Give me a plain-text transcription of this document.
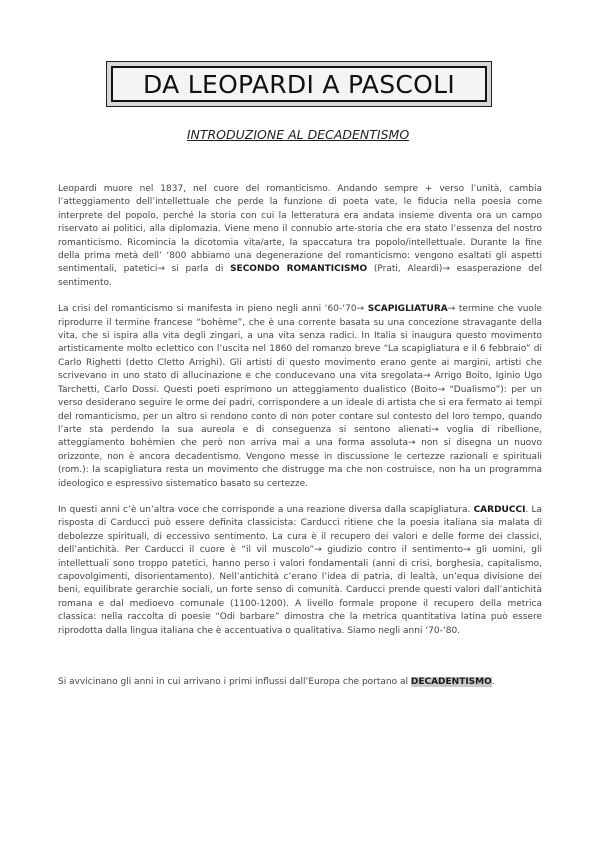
DA LEOPARDI A PASCOLI
INTRODUZIONE AL DECADENTISMO

Leopardi muore nel 1837, nel cuore del romanticismo. Andando sempre + verso l’unità, cambia l’atteggiamento dell’intellettuale che perde la funzione di poeta vate, le fiducia nella poesia come interprete del popolo, perché la storia con cui la letteratura era andata insieme diventa ora un campo riservato ai politici, alla diplomazia. Viene meno il connubio arte-storia che era stato l’essenza del nostro romanticismo. Ricomincia la dicotomia vita/arte, la spaccatura tra popolo/intellettuale. Durante la fine della prima metà dell’ ‘800 abbiamo una degenerazione del romanticismo: vengono esaltati gli aspetti sentimentali, patetici→ si parla di SECONDO ROMANTICISMO (Prati, Aleardi)→ esasperazione del sentimento.

La crisi del romanticismo si manifesta in pieno negli anni ‘60-‘70→ SCAPIGLIATURA→ termine che vuole riprodurre il termine francese “bohème”, che è una corrente basata su una concezione stravagante della vita, che si ispira alla vita degli zingari, a una vita senza radici. In Italia si inaugura questo movimento artisticamente molto eclettico con l’uscita nel 1860 del romanzo breve “La scapigliatura e il 6 febbraio” di Carlo Righetti (detto Cletto Arrighi). Gli artisti di questo movimento erano gente ai margini, artisti che scrivevano in uno stato di allucinazione e che conducevano una vita sregolata→ Arrigo Boito, Iginio Ugo Tarchetti, Carlo Dossi. Questi poeti esprimono un atteggiamento dualistico (Boito→ “Dualismo”): per un verso desiderano seguire le orme dei padri, corrispondere a un ideale di artista che si era fermato ai tempi del romanticismo, per un altro si rendono conto di non poter contare sul contesto del loro tempo, quando l’arte sta perdendo la sua aureola e di conseguenza si sentono alienati→ voglia di ribellione, atteggiamento bohèmien che però non arriva mai a una forma assoluta→ non si disegna un nuovo orizzonte, non è ancora decadentismo. Vengono messe in discussione le certezze razionali e spirituali (rom.): la scapigliatura resta un movimento che distrugge ma che non costruisce, non ha un programma ideologico e espressivo sistematico basato su certezze.

In questi anni c’è un’altra voce che corrisponde a una reazione diversa dalla scapigliatura. CARDUCCI. La risposta di Carducci può essere definita classicista: Carducci ritiene che la poesia italiana sia malata di debolezze spirituali, di eccessivo sentimento. La cura è il recupero dei valori e delle forme dei classici, dell’antichità. Per Carducci il cuore è “il vil muscolo”→ giudizio contro il sentimento→ gli uomini, gli intellettuali sono troppo patetici, hanno perso i valori fondamentali (anni di crisi, borghesia, capitalismo, capovolgimenti, disorientamento). Nell’antichità c’erano l’idea di patria, di lealtà, un’equa divisione dei beni, equilibrate gerarchie sociali, un forte senso di comunità. Carducci prende questi valori dall’antichità romana e dal medioevo comunale (1100-1200). A livello formale propone il recupero della metrica classica: nella raccolta di poesie “Odi barbare” dimostra che la metrica quantitativa latina può essere riprodotta dalla lingua italiana che è accentuativa o qualitativa. Siamo negli anni ‘70-‘80.

Si avvicinano gli anni in cui arrivano i primi influssi dall’Europa che portano al DECADENTISMO.
